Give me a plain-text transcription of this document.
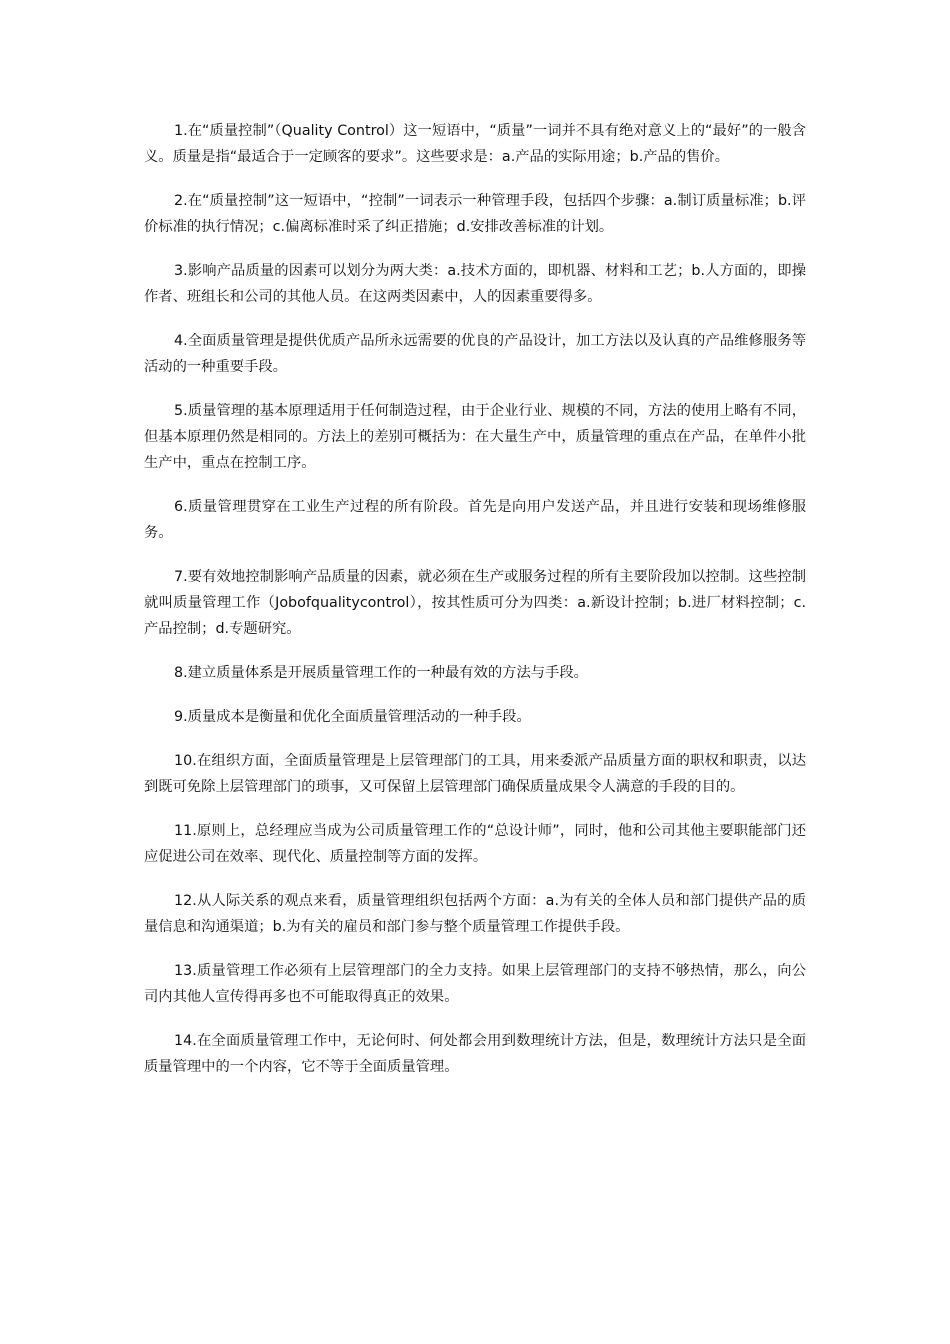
1.在“质量控制”（Quality Control）这一短语中，“质量”一词并不具有绝对意义上的“最好”的一般含义。质量是指“最适合于一定顾客的要求”。这些要求是：a.产品的实际用途；b.产品的售价。

2.在“质量控制”这一短语中，“控制”一词表示一种管理手段，包括四个步骤：a.制订质量标准；b.评价标准的执行情况；c.偏离标准时采了纠正措施；d.安排改善标准的计划。

3.影响产品质量的因素可以划分为两大类：a.技术方面的，即机器、材料和工艺；b.人方面的，即操作者、班组长和公司的其他人员。在这两类因素中，人的因素重要得多。

4.全面质量管理是提供优质产品所永远需要的优良的产品设计，加工方法以及认真的产品维修服务等活动的一种重要手段。

5.质量管理的基本原理适用于任何制造过程，由于企业行业、规模的不同，方法的使用上略有不同，但基本原理仍然是相同的。方法上的差别可概括为：在大量生产中，质量管理的重点在产品，在单件小批生产中，重点在控制工序。

6.质量管理贯穿在工业生产过程的所有阶段。首先是向用户发送产品，并且进行安装和现场维修服务。

7.要有效地控制影响产品质量的因素，就必须在生产或服务过程的所有主要阶段加以控制。这些控制就叫质量管理工作（Jobofqualitycontrol），按其性质可分为四类：a.新设计控制；b.进厂材料控制；c.产品控制；d.专题研究。

8.建立质量体系是开展质量管理工作的一种最有效的方法与手段。

9.质量成本是衡量和优化全面质量管理活动的一种手段。

10.在组织方面，全面质量管理是上层管理部门的工具，用来委派产品质量方面的职权和职责，以达到既可免除上层管理部门的琐事，又可保留上层管理部门确保质量成果令人满意的手段的目的。

11.原则上，总经理应当成为公司质量管理工作的“总设计师”，同时，他和公司其他主要职能部门还应促进公司在效率、现代化、质量控制等方面的发挥。

12.从人际关系的观点来看，质量管理组织包括两个方面：a.为有关的全体人员和部门提供产品的质量信息和沟通渠道；b.为有关的雇员和部门参与整个质量管理工作提供手段。

13.质量管理工作必须有上层管理部门的全力支持。如果上层管理部门的支持不够热情，那么，向公司内其他人宣传得再多也不可能取得真正的效果。

14.在全面质量管理工作中，无论何时、何处都会用到数理统计方法，但是，数理统计方法只是全面质量管理中的一个内容，它不等于全面质量管理。
